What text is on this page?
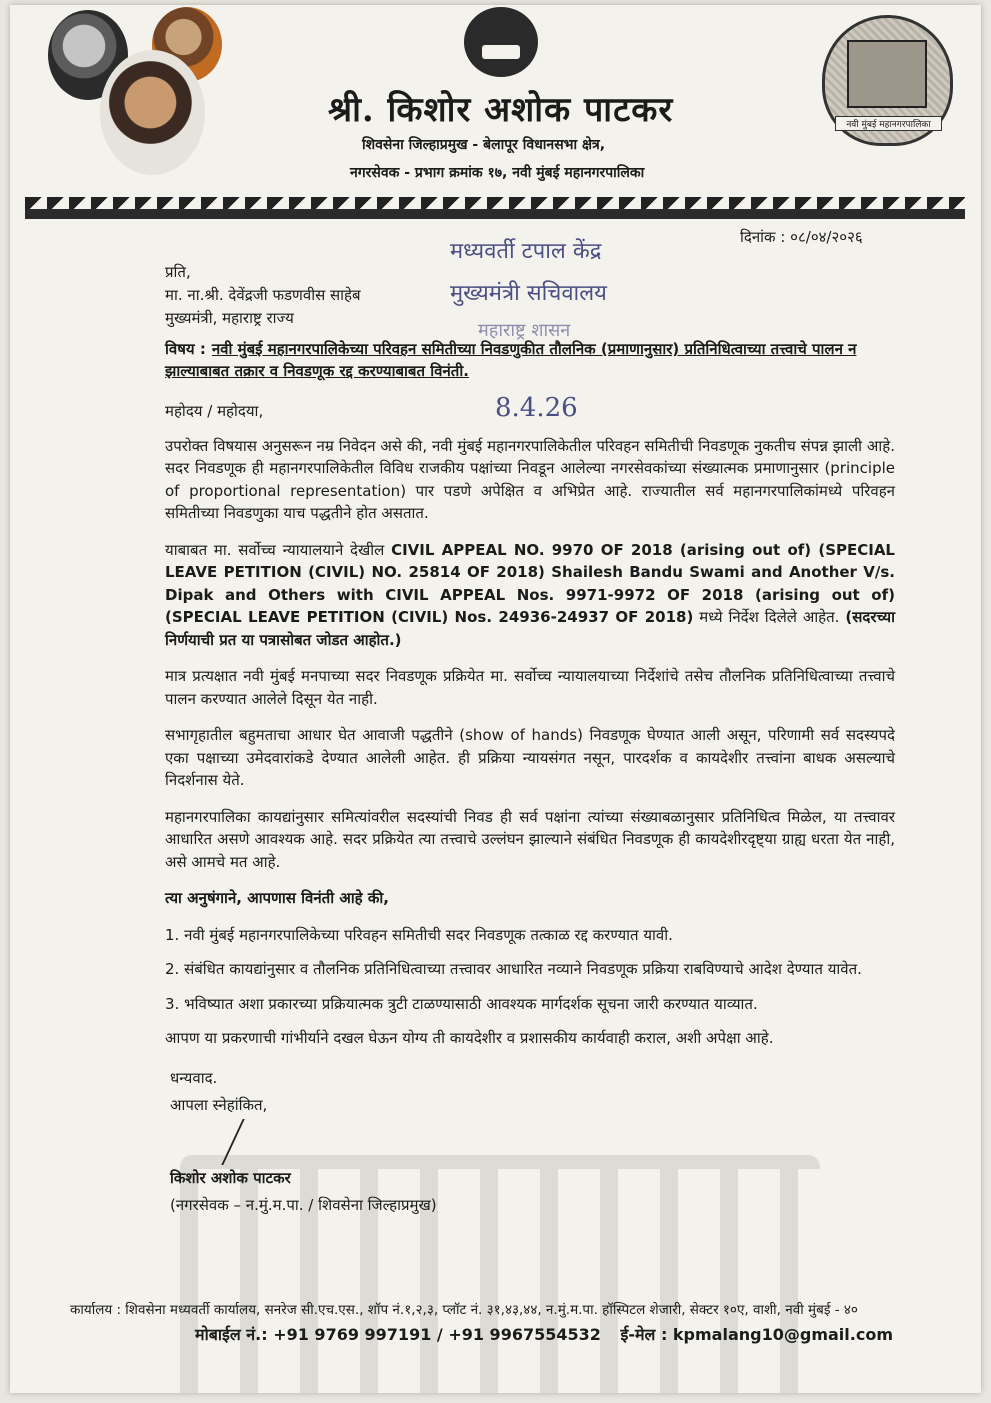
नवी मुंबई महानगरपालिका
श्री. किशोर अशोक पाटकर
शिवसेना जिल्हाप्रमुख - बेलापूर विधानसभा क्षेत्र,
नगरसेवक - प्रभाग क्रमांक १७, नवी मुंबई महानगरपालिका
दिनांक : ०८/०४/२०२६
मध्यवर्ती टपाल केंद्र
मुख्यमंत्री सचिवालय
महाराष्ट्र शासन
8.4.26
प्रति,
मा. ना.श्री. देवेंद्रजी फडणवीस साहेब
मुख्यमंत्री, महाराष्ट्र राज्य
विषय : नवी मुंबई महानगरपालिकेच्या परिवहन समितीच्या निवडणुकीत तौलनिक (प्रमाणानुसार) प्रतिनिधित्वाच्या तत्त्वाचे पालन न झाल्याबाबत तक्रार व निवडणूक रद्द करण्याबाबत विनंती.

महोदय / महोदया,

उपरोक्त विषयास अनुसरून नम्र निवेदन असे की, नवी मुंबई महानगरपालिकेतील परिवहन समितीची निवडणूक नुकतीच संपन्न झाली आहे. सदर निवडणूक ही महानगरपालिकेतील विविध राजकीय पक्षांच्या निवडून आलेल्या नगरसेवकांच्या संख्यात्मक प्रमाणानुसार (principle of proportional representation) पार पडणे अपेक्षित व अभिप्रेत आहे. राज्यातील सर्व महानगरपालिकांमध्ये परिवहन समितीच्या निवडणुका याच पद्धतीने होत असतात.

याबाबत मा. सर्वोच्च न्यायालयाने देखील CIVIL APPEAL NO. 9970 OF 2018 (arising out of) (SPECIAL LEAVE PETITION (CIVIL) NO. 25814 OF 2018) Shailesh Bandu Swami and Another V/s. Dipak and Others with CIVIL APPEAL Nos. 9971-9972 OF 2018 (arising out of) (SPECIAL LEAVE PETITION (CIVIL) Nos. 24936-24937 OF 2018) मध्ये निर्देश दिलेले आहेत. (सदरच्या निर्णयाची प्रत या पत्रासोबत जोडत आहोत.)

मात्र प्रत्यक्षात नवी मुंबई मनपाच्या सदर निवडणूक प्रक्रियेत मा. सर्वोच्च न्यायालयाच्या निर्देशांचे तसेच तौलनिक प्रतिनिधित्वाच्या तत्त्वाचे पालन करण्यात आलेले दिसून येत नाही.

सभागृहातील बहुमताचा आधार घेत आवाजी पद्धतीने (show of hands) निवडणूक घेण्यात आली असून, परिणामी सर्व सदस्यपदे एका पक्षाच्या उमेदवारांकडे देण्यात आलेली आहेत. ही प्रक्रिया न्यायसंगत नसून, पारदर्शक व कायदेशीर तत्त्वांना बाधक असल्याचे निदर्शनास येते.

महानगरपालिका कायद्यांनुसार समित्यांवरील सदस्यांची निवड ही सर्व पक्षांना त्यांच्या संख्याबळानुसार प्रतिनिधित्व मिळेल, या तत्त्वावर आधारित असणे आवश्यक आहे. सदर प्रक्रियेत त्या तत्त्वाचे उल्लंघन झाल्याने संबंधित निवडणूक ही कायदेशीरदृष्ट्या ग्राह्य धरता येत नाही, असे आमचे मत आहे.

त्या अनुषंगाने, आपणास विनंती आहे की,

1. नवी मुंबई महानगरपालिकेच्या परिवहन समितीची सदर निवडणूक तत्काळ रद्द करण्यात यावी.

2. संबंधित कायद्यांनुसार व तौलनिक प्रतिनिधित्वाच्या तत्त्वावर आधारित नव्याने निवडणूक प्रक्रिया राबविण्याचे आदेश देण्यात यावेत.

3. भविष्यात अशा प्रकारच्या प्रक्रियात्मक त्रुटी टाळण्यासाठी आवश्यक मार्गदर्शक सूचना जारी करण्यात याव्यात.

आपण या प्रकरणाची गांभीर्याने दखल घेऊन योग्य ती कायदेशीर व प्रशासकीय कार्यवाही कराल, अशी अपेक्षा आहे.

धन्यवाद.
आपला स्नेहांकित,
किशोर अशोक पाटकर
(नगरसेवक – न.मुं.म.पा. / शिवसेना जिल्हाप्रमुख)
कार्यालय : शिवसेना मध्यवर्ती कार्यालय, सनरेज सी.एच.एस., शॉप नं.१,२,३, प्लॉट नं. ३१,४३,४४, न.मुं.म.पा. हॉस्पिटल शेजारी, सेक्टर १०ए, वाशी, नवी मुंबई - ४०
मोबाईल नं.: +91 9769 997191 / +91 9967554532 ई-मेल : kpmalang10@gmail.com
